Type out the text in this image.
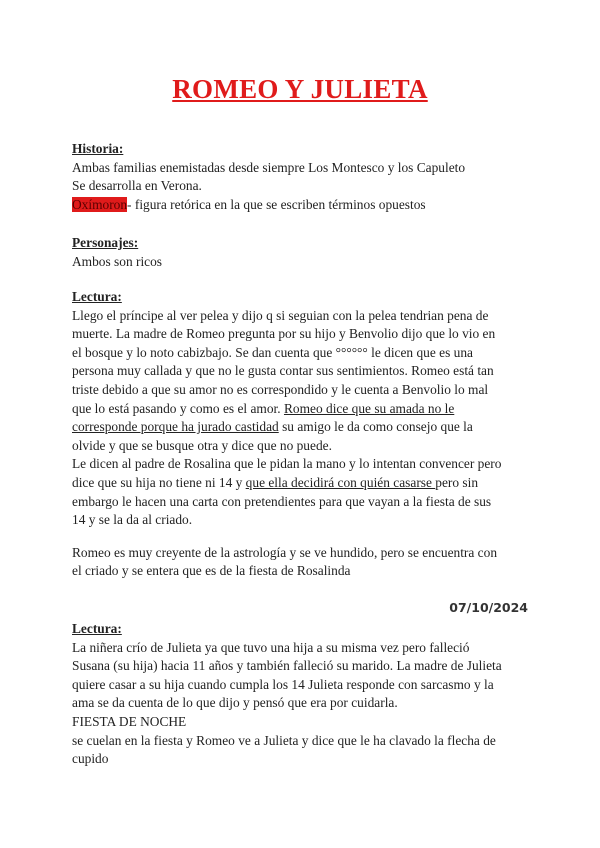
ROMEO Y JULIETA
Historia:
Ambas familias enemistadas desde siempre Los Montesco y los Capuleto
Se desarrolla en Verona.
Oxímoron- figura retórica en la que se escriben términos opuestos
Personajes:
Ambos son ricos
Lectura:
Llego el príncipe al ver pelea y dijo q si seguian con la pelea tendrian pena de
muerte. La madre de Romeo pregunta por su hijo y Benvolio dijo que lo vio en
el bosque y lo noto cabizbajo. Se dan cuenta que °°°°°° le dicen que es una
persona muy callada y que no le gusta contar sus sentimientos. Romeo está tan
triste debido a que su amor no es correspondido y le cuenta a Benvolio lo mal
que lo está pasando y como es el amor. Romeo dice que su amada no le
corresponde porque ha jurado castidad su amigo le da como consejo que la
olvide y que se busque otra y dice que no puede.
Le dicen al padre de Rosalina que le pidan la mano y lo intentan convencer pero
dice que su hija no tiene ni 14 y que ella decidirá con quién casarse pero sin
embargo le hacen una carta con pretendientes para que vayan a la fiesta de sus
14 y se la da al criado.
Romeo es muy creyente de la astrología y se ve hundido, pero se encuentra con
el criado y se entera que es de la fiesta de Rosalinda
07/10/2024
Lectura:
La niñera crío de Julieta ya que tuvo una hija a su misma vez pero falleció
Susana (su hija) hacia 11 años y también falleció su marido. La madre de Julieta
quiere casar a su hija cuando cumpla los 14 Julieta responde con sarcasmo y la
ama se da cuenta de lo que dijo y pensó que era por cuidarla.
FIESTA DE NOCHE
se cuelan en la fiesta y Romeo ve a Julieta y dice que le ha clavado la flecha de
cupido
